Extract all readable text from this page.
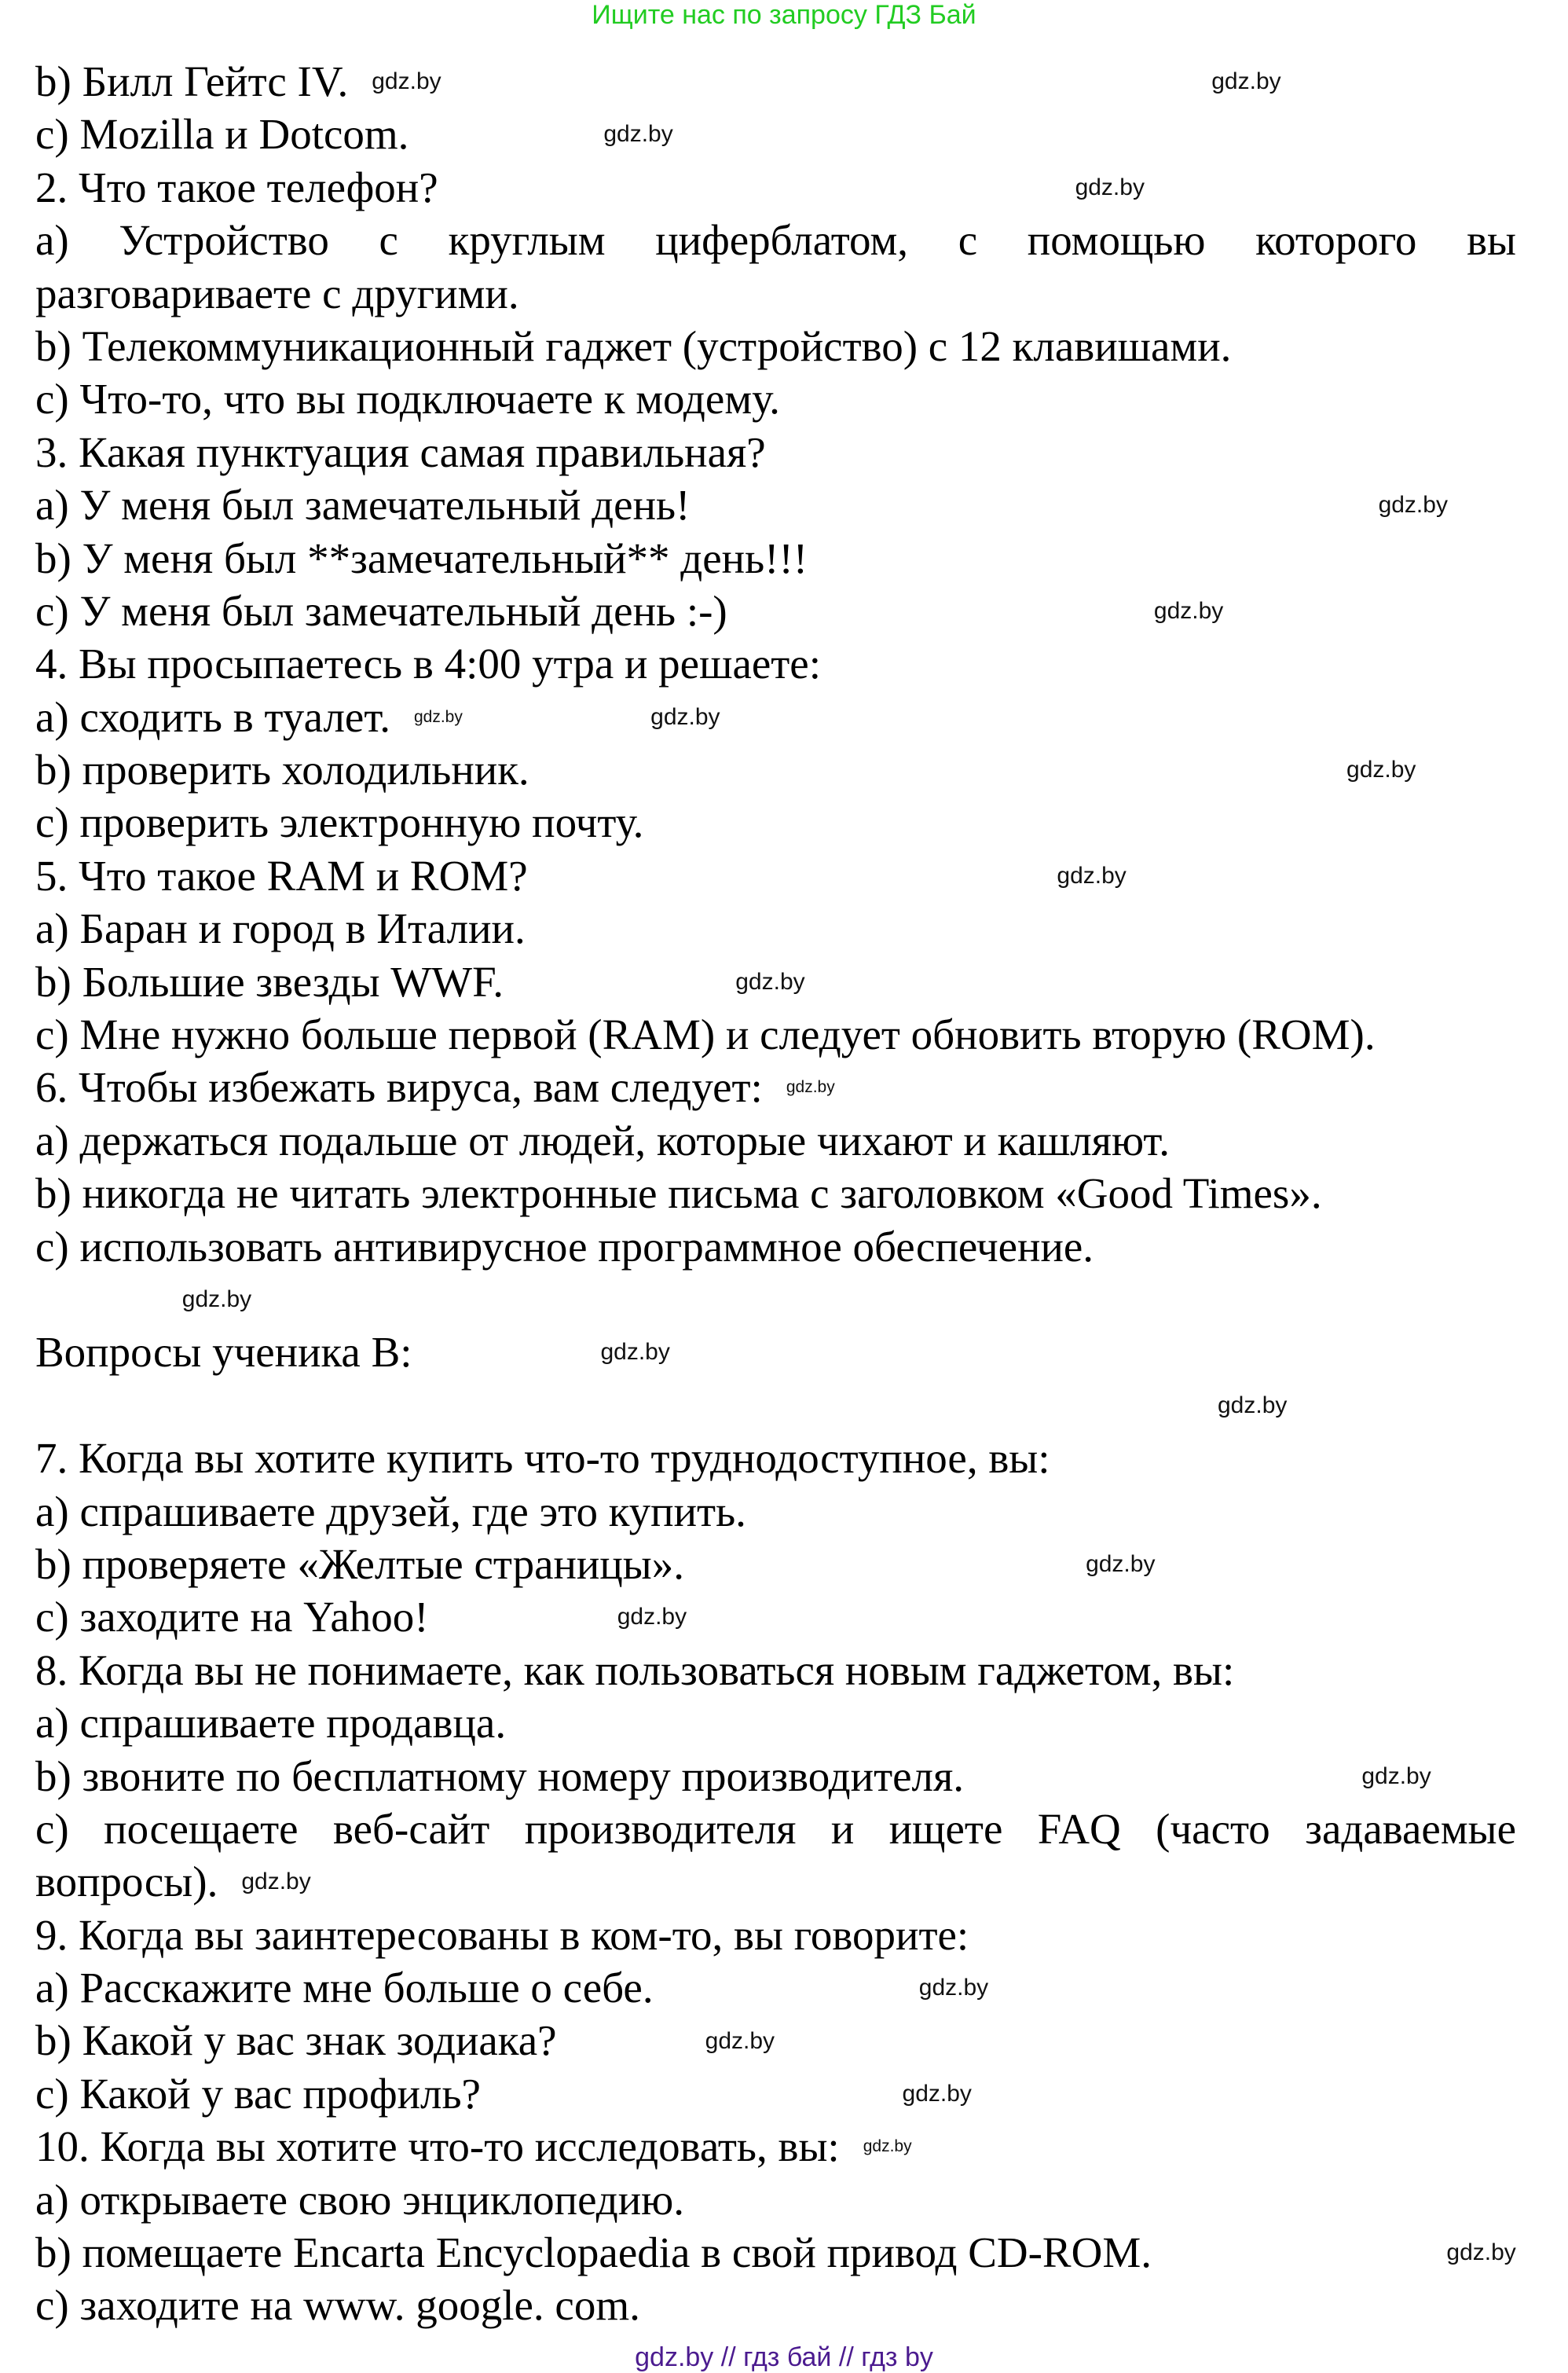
Ищите нас по запросу ГДЗ Бай
b) Билл Гейтс IV.
c) Mozilla и Dotcom.
2. Что такое телефон?
a) Устройство с круглым циферблатом, с помощью которого вы
разговариваете с другими.
b) Телекоммуникационный гаджет (устройство) с 12 клавишами.
c) Что-то, что вы подключаете к модему.
3. Какая пунктуация самая правильная?
a) У меня был замечательный день!
b) У меня был **замечательный** день!!!
c) У меня был замечательный день :-)
4. Вы просыпаетесь в 4:00 утра и решаете:
a) сходить в туалет.
b) проверить холодильник.
c) проверить электронную почту.
5. Что такое RAM и ROM?
a) Баран и город в Италии.
b) Большие звезды WWF.
c) Мне нужно больше первой (RAM) и следует обновить вторую (ROM).
6. Чтобы избежать вируса, вам следует:
a) держаться подальше от людей, которые чихают и кашляют.
b) никогда не читать электронные письма с заголовком «Good Times».
c) использовать антивирусное программное обеспечение.
Вопросы ученика B:
7. Когда вы хотите купить что-то труднодоступное, вы:
a) спрашиваете друзей, где это купить.
b) проверяете «Желтые страницы».
c) заходите на Yahoo!
8. Когда вы не понимаете, как пользоваться новым гаджетом, вы:
a) спрашиваете продавца.
b) звоните по бесплатному номеру производителя.
c) посещаете веб-сайт производителя и ищете FAQ (часто задаваемые
вопросы).
9. Когда вы заинтересованы в ком-то, вы говорите:
a) Расскажите мне больше о себе.
b) Какой у вас знак зодиака?
c) Какой у вас профиль?
10. Когда вы хотите что-то исследовать, вы:
a) открываете свою энциклопедию.
b) помещаете Encarta Encyclopaedia в свой привод CD-ROM.
c) заходите на www. google. com.
gdz.by // гдз бай // гдз by
gdz.by	gdz.by
gdz.by
gdz.by
gdz.by
gdz.by
gdz.by
gdz.by
gdz.by
gdz.by
gdz.by
gdz.by
gdz.by
gdz.by
gdz.by
gdz.by
gdz.by
gdz.by
gdz.by
gdz.by
gdz.by
gdz.by
gdz.by
gdz.by
